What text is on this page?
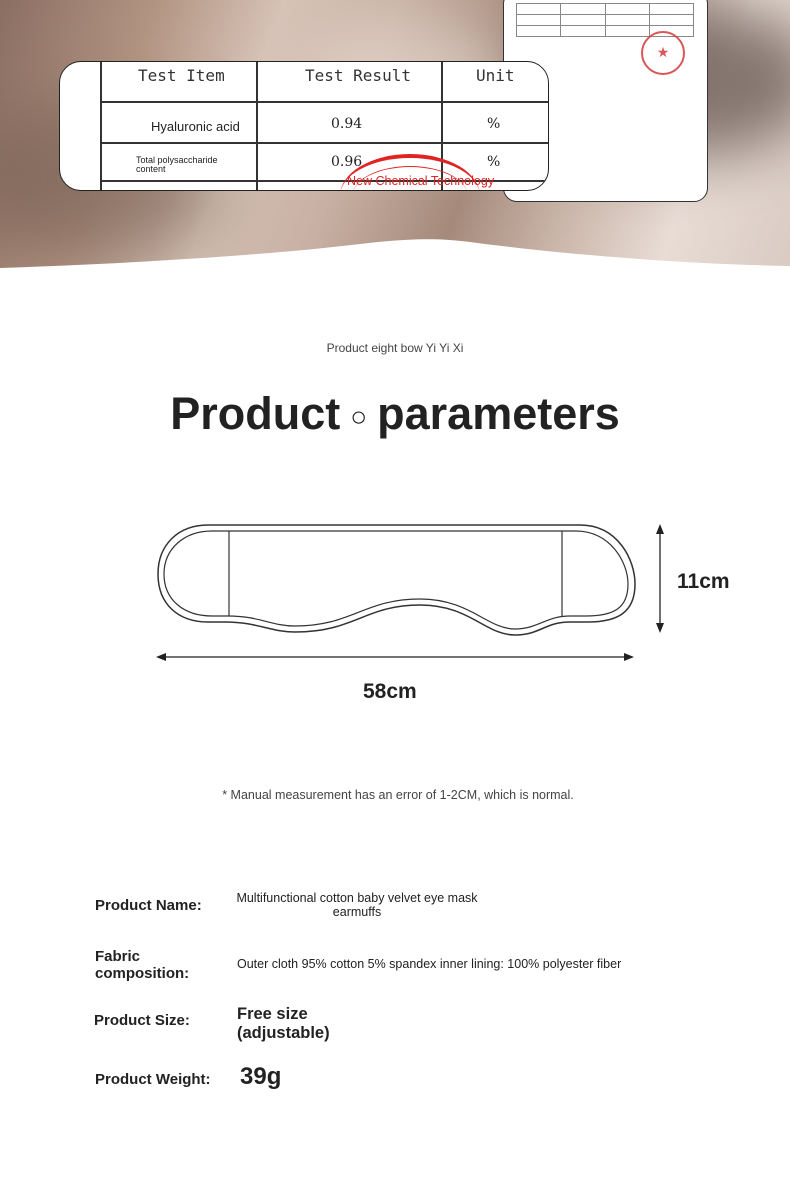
★
Test Item	Test Result	Unit
Hyaluronic acid	0.94	%
Total polysaccharide content	0.96	%
New Chemical Technology
Product eight bow Yi Yi Xi
Product ○ parameters
58cm
11cm
* Manual measurement has an error of 1-2CM, which is normal.
Product Name:	Multifunctional cotton baby velvet eye mask
earmuffs
Fabric
composition:
Outer cloth 95% cotton 5% spandex inner lining: 100% polyester fiber
Product Size:	Free size
(adjustable)
Product Weight: 39g
